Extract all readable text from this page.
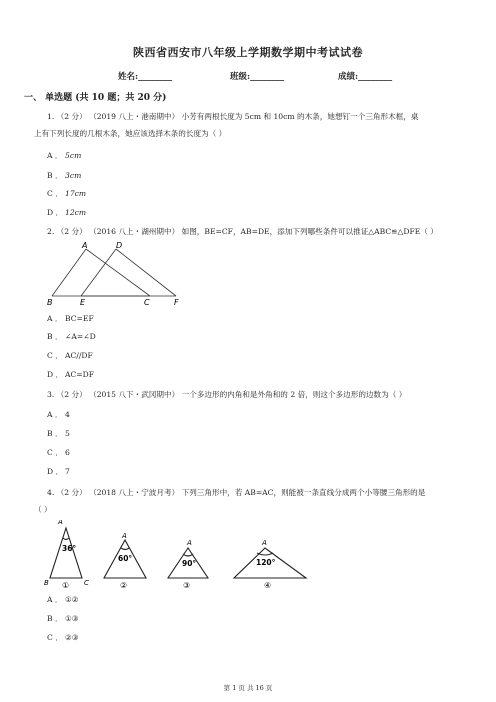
陕西省西安市八年级上学期数学期中考试试卷
姓名:________	班级:________	成绩:________
一、 单选题 (共 10 题；共 20 分)
1. （2 分） （2019 八上・港南期中） 小芳有两根长度为 5cm 和 10cm 的木条，她想钉一个三角形木框，桌
上有下列长度的几根木条，她应该选择木条的长度为（ ）
A ． 5cm
B ． 3cm
C ． 17cm
D ． 12cm
2. （2 分） （2016 八上・湖州期中） 如图，BE=CF，AB=DE，添加下列哪些条件可以推证△ABC≌△DFE（ ）
A	D
B	E	C	F
A ． BC=EF
B ． ∠A=∠D
C ． AC//DF
D ． AC=DF
3. （2 分） （2015 八下・武冈期中） 一个多边形的内角和是外角和的 2 倍，则这个多边形的边数为（ ）
A ． 4
B ． 5
C ． 6
D ． 7
4. （2 分） （2018 八上・宁波月考） 下列三角形中，若 AB=AC，则能被一条直线分成两个小等腰三角形的是
（ ）
A
B	C
A
A	A
36°
60°
90°	120°
①	②	③	④
A ． ①②
B ． ①③
C ． ②③
第 1 页 共 16 页
